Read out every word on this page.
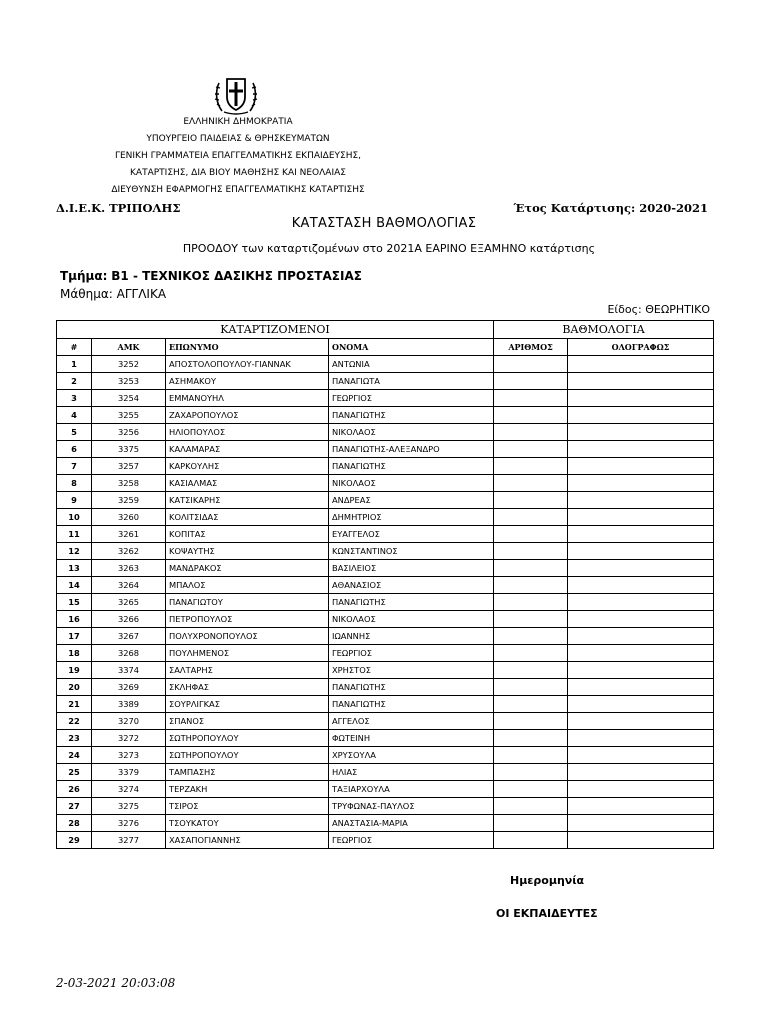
ΕΛΛΗΝΙΚΗ ΔΗΜΟΚΡΑΤΙΑ
ΥΠΟΥΡΓΕΙΟ ΠΑΙΔΕΙΑΣ & ΘΡΗΣΚΕΥΜΑΤΩΝ
ΓΕΝΙΚΗ ΓΡΑΜΜΑΤΕΙΑ ΕΠΑΓΓΕΛΜΑΤΙΚΗΣ ΕΚΠΑΙΔΕΥΣΗΣ,
ΚΑΤΑΡΤΙΣΗΣ, ΔΙΑ ΒΙΟΥ ΜΑΘΗΣΗΣ ΚΑΙ ΝΕΟΛΑΙΑΣ
ΔΙΕΥΘΥΝΣΗ ΕΦΑΡΜΟΓΗΣ ΕΠΑΓΓΕΛΜΑΤΙΚΗΣ ΚΑΤΑΡΤΙΣΗΣ
Δ.Ι.Ε.Κ. ΤΡΙΠΟΛΗΣ	Έτος Κατάρτισης: 2020-2021
ΚΑΤΑΣΤΑΣΗ ΒΑΘΜΟΛΟΓΙΑΣ
ΠΡΟΟΔΟΥ των καταρτιζομένων στο 2021Α ΕΑΡΙΝΟ ΕΞΑΜΗΝΟ κατάρτισης
Τμήμα: Β1 - ΤΕΧΝΙΚΟΣ ΔΑΣΙΚΗΣ ΠΡΟΣΤΑΣΙΑΣ
Μάθημα: ΑΓΓΛΙΚΑ
Είδος: ΘΕΩΡΗΤΙΚΟ
ΚΑΤΑΡΤΙΖΟΜΕΝΟΙ				ΒΑΘΜΟΛΟΓΙΑ	
#	ΑΜΚ	ΕΠΩΝΥΜΟ	ΟΝΟΜΑ	ΑΡΙΘΜΟΣ	ΟΛΟΓΡΑΦΩΣ
1	3252	ΑΠΟΣΤΟΛΟΠΟΥΛΟΥ-ΓΙΑΝΝΑΚ	ΑΝΤΩΝΙΑ		
2	3253	ΑΣΗΜΑΚΟΥ	ΠΑΝΑΓΙΩΤΑ		
3	3254	ΕΜΜΑΝΟΥΗΛ	ΓΕΩΡΓΙΟΣ		
4	3255	ΖΑΧΑΡΟΠΟΥΛΟΣ	ΠΑΝΑΓΙΩΤΗΣ		
5	3256	ΗΛΙΟΠΟΥΛΟΣ	ΝΙΚΟΛΑΟΣ		
6	3375	ΚΑΛΑΜΑΡΑΣ	ΠΑΝΑΓΙΩΤΗΣ-ΑΛΕΞΑΝΔΡΟ		
7	3257	ΚΑΡΚΟΥΛΗΣ	ΠΑΝΑΓΙΩΤΗΣ		
8	3258	ΚΑΣΙΑΛΜΑΣ	ΝΙΚΟΛΑΟΣ		
9	3259	ΚΑΤΣΙΚΑΡΗΣ	ΑΝΔΡΕΑΣ		
10	3260	ΚΟΛΙΤΣΙΔΑΣ	ΔΗΜΗΤΡΙΟΣ		
11	3261	ΚΟΠΙΤΑΣ	ΕΥΑΓΓΕΛΟΣ		
12	3262	ΚΟΨΑΥΤΗΣ	ΚΩΝΣΤΑΝΤΙΝΟΣ		
13	3263	ΜΑΝΔΡΑΚΟΣ	ΒΑΣΙΛΕΙΟΣ		
14	3264	ΜΠΑΛΟΣ	ΑΘΑΝΑΣΙΟΣ		
15	3265	ΠΑΝΑΓΙΩΤΟΥ	ΠΑΝΑΓΙΩΤΗΣ		
16	3266	ΠΕΤΡΟΠΟΥΛΟΣ	ΝΙΚΟΛΑΟΣ		
17	3267	ΠΟΛΥΧΡΟΝΟΠΟΥΛΟΣ	ΙΩΑΝΝΗΣ		
18	3268	ΠΟΥΛΗΜΕΝΟΣ	ΓΕΩΡΓΙΟΣ		
19	3374	ΣΑΛΤΑΡΗΣ	ΧΡΗΣΤΟΣ		
20	3269	ΣΚΛΗΦΑΣ	ΠΑΝΑΓΙΩΤΗΣ		
21	3389	ΣΟΥΡΛΙΓΚΑΣ	ΠΑΝΑΓΙΩΤΗΣ		
22	3270	ΣΠΑΝΟΣ	ΑΓΓΕΛΟΣ		
23	3272	ΣΩΤΗΡΟΠΟΥΛΟΥ	ΦΩΤΕΙΝΗ		
24	3273	ΣΩΤΗΡΟΠΟΥΛΟΥ	ΧΡΥΣΟΥΛΑ		
25	3379	ΤΑΜΠΑΣΗΣ	ΗΛΙΑΣ		
26	3274	ΤΕΡΖΑΚΗ	ΤΑΞΙΑΡΧΟΥΛΑ		
27	3275	ΤΣΙΡΟΣ	ΤΡΥΦΩΝΑΣ-ΠΑΥΛΟΣ		
28	3276	ΤΣΟΥΚΑΤΟΥ	ΑΝΑΣΤΑΣΙΑ-ΜΑΡΙΑ		
29	3277	ΧΑΣΑΠΟΓΙΑΝΝΗΣ	ΓΕΩΡΓΙΟΣ		
Ημερομηνία
ΟΙ ΕΚΠΑΙΔΕΥΤΕΣ
2-03-2021 20:03:08
